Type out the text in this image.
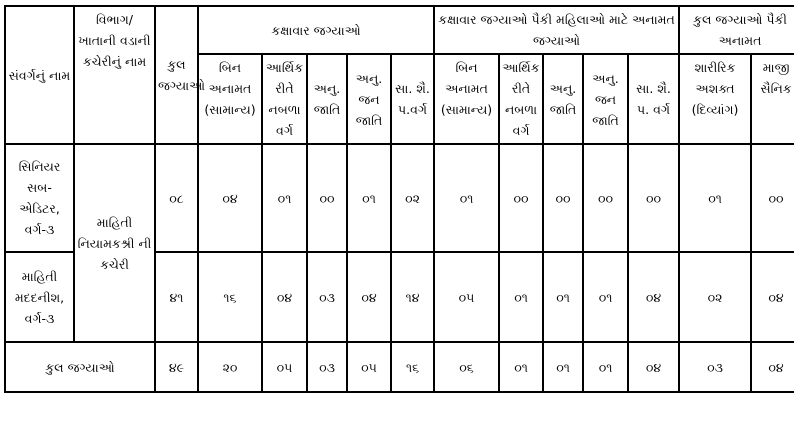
સંવર્ગનું નામ	વિભાગ/ ખાતાની વડાની કચેરીનું નામ	કુલ જગ્યાઓ	કક્ષાવાર જગ્યાઓ					કક્ષાવાર જગ્યાઓ પૈકી મહિલાઓ માટે અનામત જગ્યાઓ					કુલ જગ્યાઓ પૈકી અનામત	
			બિન અનામત (સામાન્ય)	આર્થિક રીતે નબળા વર્ગ	અનુ. જાતિ	અનુ. જન જાતિ	સા. શૈ. પ.વર્ગ	બિન અનામત (સામાન્ય)	આર્થિક રીતે નબળા વર્ગ	અનુ. જાતિ	અનુ. જન જાતિ	સા. શૈ. પ. વર્ગ	શારીરિક અશક્ત (દિવ્યાંગ)	માજી સૈનિક
સિનિયર સબ-એડિટર, વર્ગ-૩	માહિતી નિયામકશ્રી ની કચેરી	૦૮	૦૪	૦૧	૦૦	૦૧	૦૨	૦૧	૦૦	૦૦	૦૦	૦૦	૦૧	૦૦
માહિતી મદદનીશ, વર્ગ-૩		૪૧	૧૬	૦૪	૦૩	૦૪	૧૪	૦૫	૦૧	૦૧	૦૧	૦૪	૦૨	૦૪
કુલ જગ્યાઓ		૪૯	૨૦	૦૫	૦૩	૦૫	૧૬	૦૬	૦૧	૦૧	૦૧	૦૪	૦૩	૦૪
